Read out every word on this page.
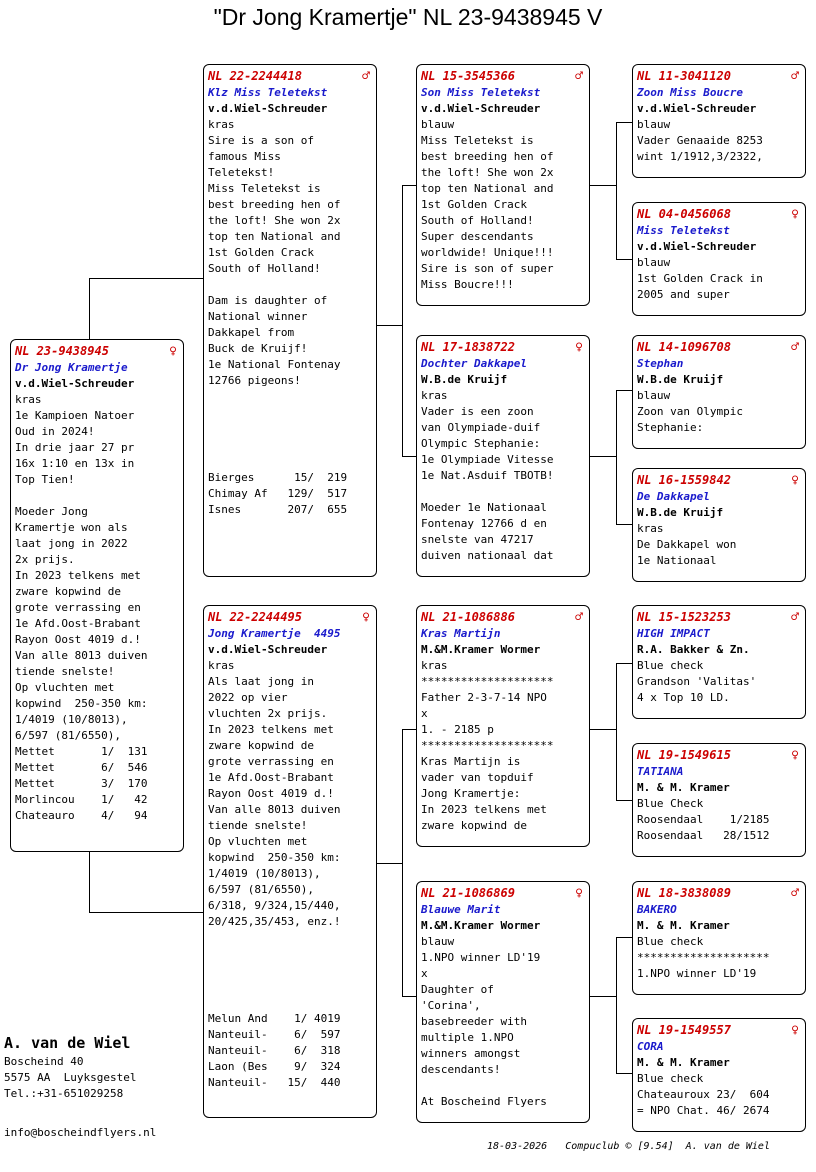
"Dr Jong Kramertje" NL 23-9438945 V
NL 23-9438945	♀
Dr Jong Kramertje
v.d.Wiel-Schreuder
kras
1e Kampioen Natoer
Oud in 2024!
In drie jaar 27 pr
16x 1:10 en 13x in
Top Tien!

Moeder Jong
Kramertje won als
laat jong in 2022
2x prijs.
In 2023 telkens met
zware kopwind de
grote verrassing en
1e Afd.Oost-Brabant
Rayon Oost 4019 d.!
Van alle 8013 duiven
tiende snelste!
Op vluchten met
kopwind  250-350 km:
1/4019 (10/8013),
6/597 (81/6550),
Mettet       1/  131
Mettet       6/  546
Mettet       3/  170
Morlincou    1/   42
Chateauro    4/   94
NL 22-2244418	♂
Klz Miss Teletekst
v.d.Wiel-Schreuder
kras
Sire is a son of
famous Miss
Teletekst!
Miss Teletekst is
best breeding hen of
the loft! She won 2x
top ten National and
1st Golden Crack
South of Holland!

Dam is daughter of
National winner
Dakkapel from
Buck de Kruijf!
1e National Fontenay
12766 pigeons!
Bierges      15/  219
Chimay Af   129/  517
Isnes       207/  655
NL 22-2244495	♀
Jong Kramertje  4495
v.d.Wiel-Schreuder
kras
Als laat jong in
2022 op vier
vluchten 2x prijs.
In 2023 telkens met
zware kopwind de
grote verrassing en
1e Afd.Oost-Brabant
Rayon Oost 4019 d.!
Van alle 8013 duiven
tiende snelste!
Op vluchten met
kopwind  250-350 km:
1/4019 (10/8013),
6/597 (81/6550),
6/318, 9/324,15/440,
20/425,35/453, enz.!
Melun And    1/ 4019
Nanteuil-    6/  597
Nanteuil-    6/  318
Laon (Bes    9/  324
Nanteuil-   15/  440
NL 15-3545366	♂
Son Miss Teletekst
v.d.Wiel-Schreuder
blauw
Miss Teletekst is
best breeding hen of
the loft! She won 2x
top ten National and
1st Golden Crack
South of Holland!
Super descendants
worldwide! Unique!!!
Sire is son of super
Miss Boucre!!!
NL 17-1838722	♀
Dochter Dakkapel
W.B.de Kruijf
kras
Vader is een zoon
van Olympiade-duif
Olympic Stephanie:
1e Olympiade Vitesse
1e Nat.Asduif TBOTB!

Moeder 1e Nationaal
Fontenay 12766 d en
snelste van 47217
duiven nationaal dat
NL 21-1086886	♂
Kras Martijn
M.&M.Kramer Wormer
kras
********************
Father 2-3-7-14 NPO
x
1. - 2185 p
********************
Kras Martijn is
vader van topduif
Jong Kramertje:
In 2023 telkens met
zware kopwind de
NL 21-1086869	♀
Blauwe Marit
M.&M.Kramer Wormer
blauw
1.NPO winner LD'19
x
Daughter of
'Corina',
basebreeder with
multiple 1.NPO
winners amongst
descendants!

At Boscheind Flyers
NL 11-3041120	♂
Zoon Miss Boucre
v.d.Wiel-Schreuder
blauw
Vader Genaaide 8253
wint 1/1912,3/2322,
NL 04-0456068	♀
Miss Teletekst
v.d.Wiel-Schreuder
blauw
1st Golden Crack in
2005 and super
NL 14-1096708	♂
Stephan
W.B.de Kruijf
blauw
Zoon van Olympic
Stephanie:
NL 16-1559842	♀
De Dakkapel
W.B.de Kruijf
kras
De Dakkapel won
1e Nationaal
NL 15-1523253	♂
HIGH IMPACT
R.A. Bakker & Zn.
Blue check
Grandson 'Valitas'
4 x Top 10 LD.
NL 19-1549615	♀
TATIANA
M. & M. Kramer
Blue Check
Roosendaal    1/2185
Roosendaal   28/1512
NL 18-3838089	♂
BAKERO
M. & M. Kramer
Blue check
********************
1.NPO winner LD'19
NL 19-1549557	♀
CORA
M. & M. Kramer
Blue check
Chateauroux 23/  604
= NPO Chat. 46/ 2674
A. van de Wiel
Boscheind 40
5575 AA  Luyksgestel
Tel.:+31-651029258
info@boscheindflyers.nl
18-03-2026   Compuclub © [9.54]  A. van de Wiel
